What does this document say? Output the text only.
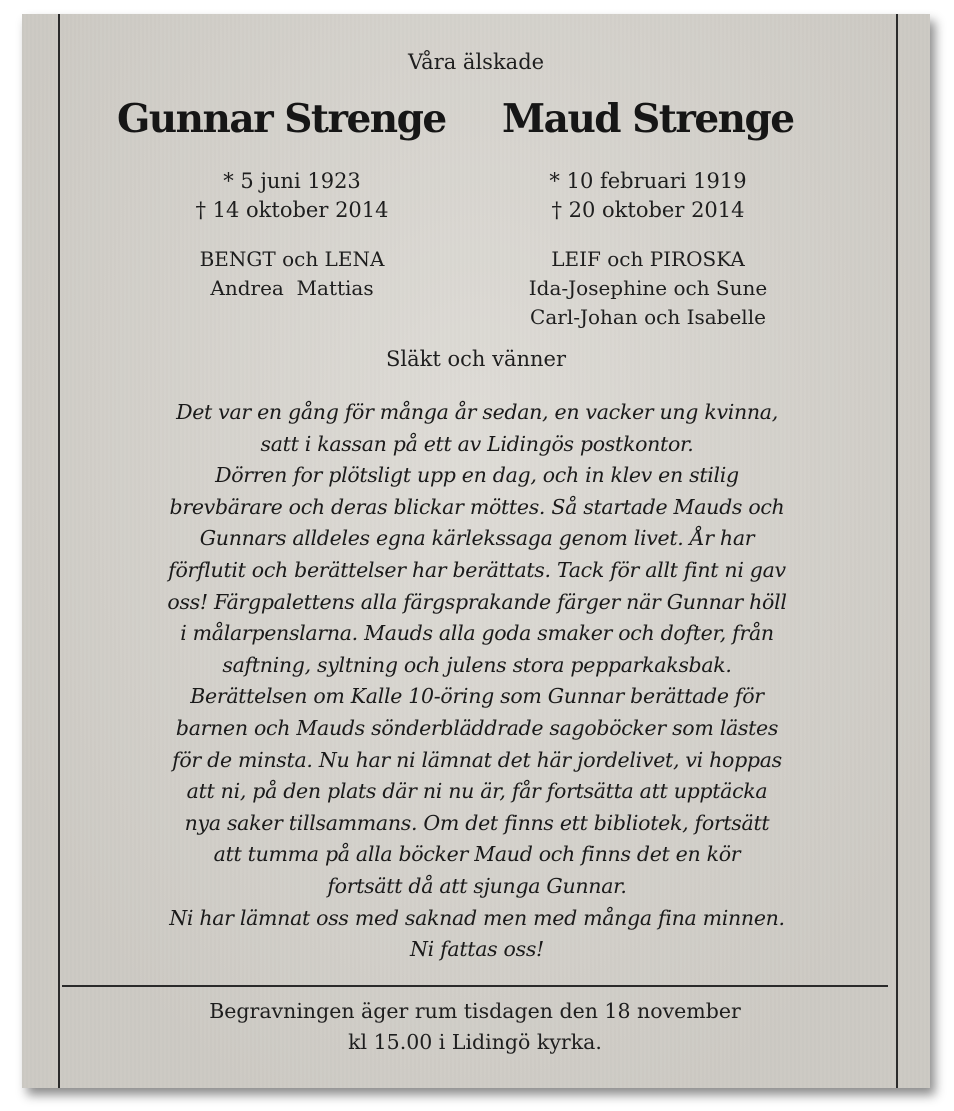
Våra älskade
Gunnar Strenge Maud Strenge
* 5 juni 1923
† 14 oktober 2014
* 10 februari 1919
† 20 oktober 2014
BENGT och LENA
Andrea  Mattias
LEIF och PIROSKA
Ida-Josephine och Sune
Carl-Johan och Isabelle
Släkt och vänner
Det var en gång för många år sedan, en vacker ung kvinna,
satt i kassan på ett av Lidingös postkontor.
Dörren for plötsligt upp en dag, och in klev en stilig
brevbärare och deras blickar möttes. Så startade Mauds och
Gunnars alldeles egna kärlekssaga genom livet. År har
förflutit och berättelser har berättats. Tack för allt fint ni gav
oss! Färgpalettens alla färgsprakande färger när Gunnar höll
i målarpenslarna. Mauds alla goda smaker och dofter, från
saftning, syltning och julens stora pepparkaksbak.
Berättelsen om Kalle 10-öring som Gunnar berättade för
barnen och Mauds sönderbläddrade sagoböcker som lästes
för de minsta. Nu har ni lämnat det här jordelivet, vi hoppas
att ni, på den plats där ni nu är, får fortsätta att upptäcka
nya saker tillsammans. Om det finns ett bibliotek, fortsätt
att tumma på alla böcker Maud och finns det en kör
fortsätt då att sjunga Gunnar.
Ni har lämnat oss med saknad men med många fina minnen.
Ni fattas oss!
Begravningen äger rum tisdagen den 18 november
kl 15.00 i Lidingö kyrka.
